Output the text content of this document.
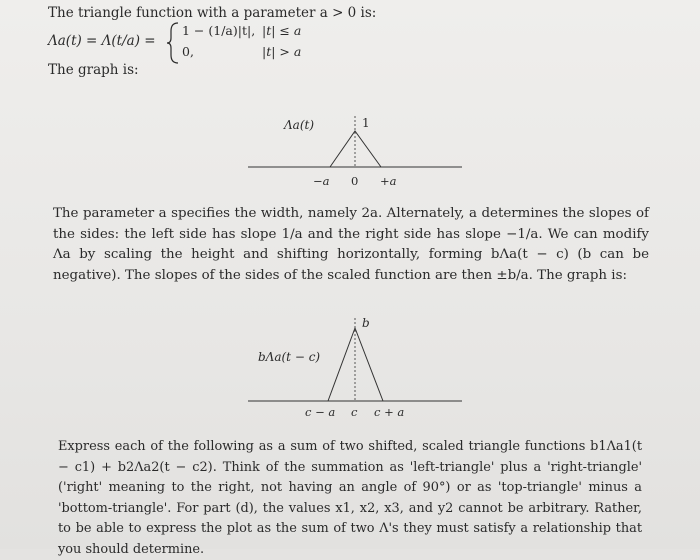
The triangle function with a parameter a > 0 is:
Λa(t) = Λ(t/a) =
1 − (1/a)|t|, |t| ≤ a
0,	|t| > a
The graph is:
Λa(t)	1
−a 0 +a
The parameter a specifies the width, namely 2a. Alternately, a determines the slopes of the sides: the left side has slope 1/a and the right side has slope −1/a. We can modify Λa by scaling the height and shifting horizontally, forming bΛa(t − c) (b can be negative). The slopes of the sides of the scaled function are then ±b/a. The graph is:
bΛa(t − c)
b
c − a c c + a
Express each of the following as a sum of two shifted, scaled triangle functions b1Λa1(t − c1) + b2Λa2(t − c2). Think of the summation as 'left-triangle' plus a 'right-triangle' ('right' meaning to the right, not having an angle of 90°) or as 'top-triangle' minus a 'bottom-triangle'. For part (d), the values x1, x2, x3, and y2 cannot be arbitrary. Rather, to be able to express the plot as the sum of two Λ's they must satisfy a relationship that you should determine.
